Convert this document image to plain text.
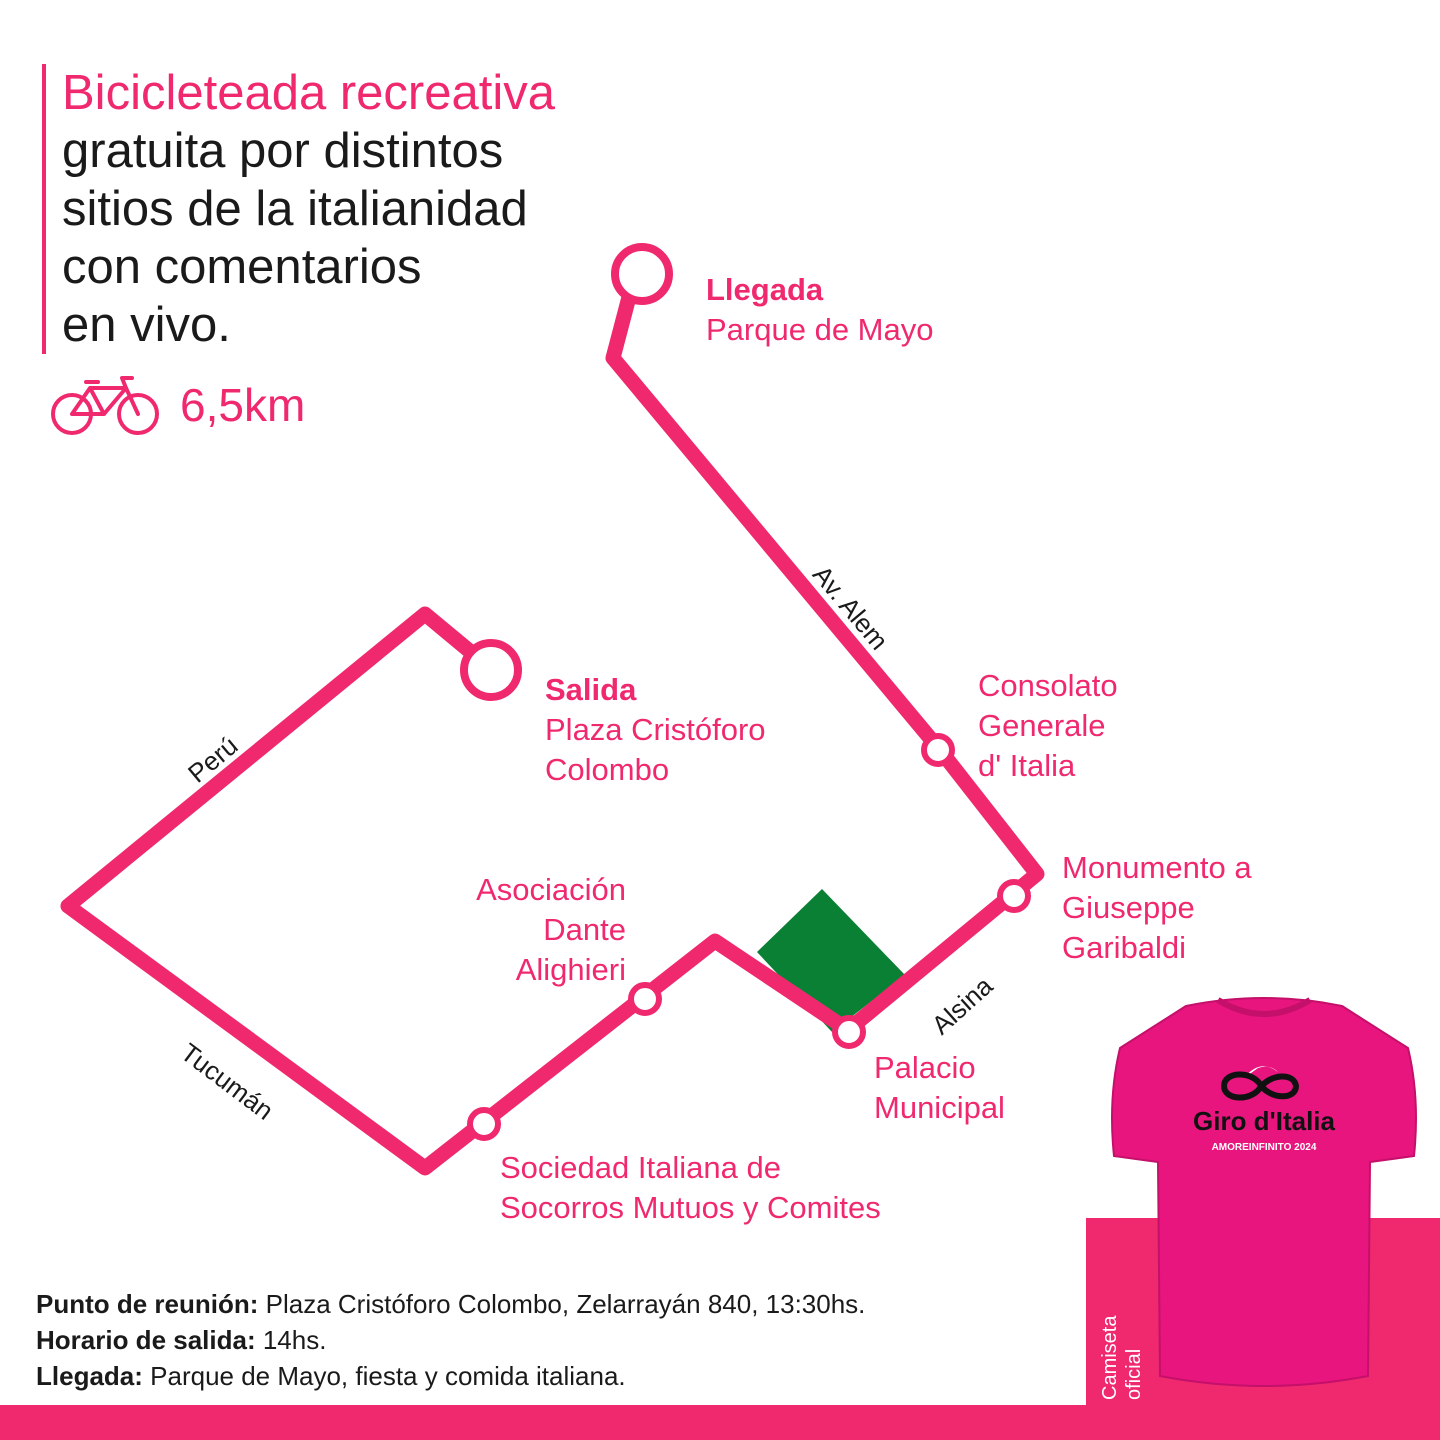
Bicicleteada recreativa
gratuita por distintos
sitios de la italianidad
con comentarios
en vivo.
6,5km
Llegada
Parque de Mayo
Salida
Plaza Cristóforo
Colombo
Consolato
Generale
d' Italia
Monumento a
Giuseppe
Garibaldi
Asociación
Dante
Alighieri
Palacio
Municipal
Sociedad Italiana de
Socorros Mutuos y Comites
Av. Alem
Perú
Tucumán
Alsina
Punto de reunión: Plaza Cristóforo Colombo, Zelarrayán 840, 13:30hs.
Horario de salida: 14hs.
Llegada: Parque de Mayo, fiesta y comida italiana.	Camiseta oficial
Giro d'Italia
AMOREINFINITO 2024
